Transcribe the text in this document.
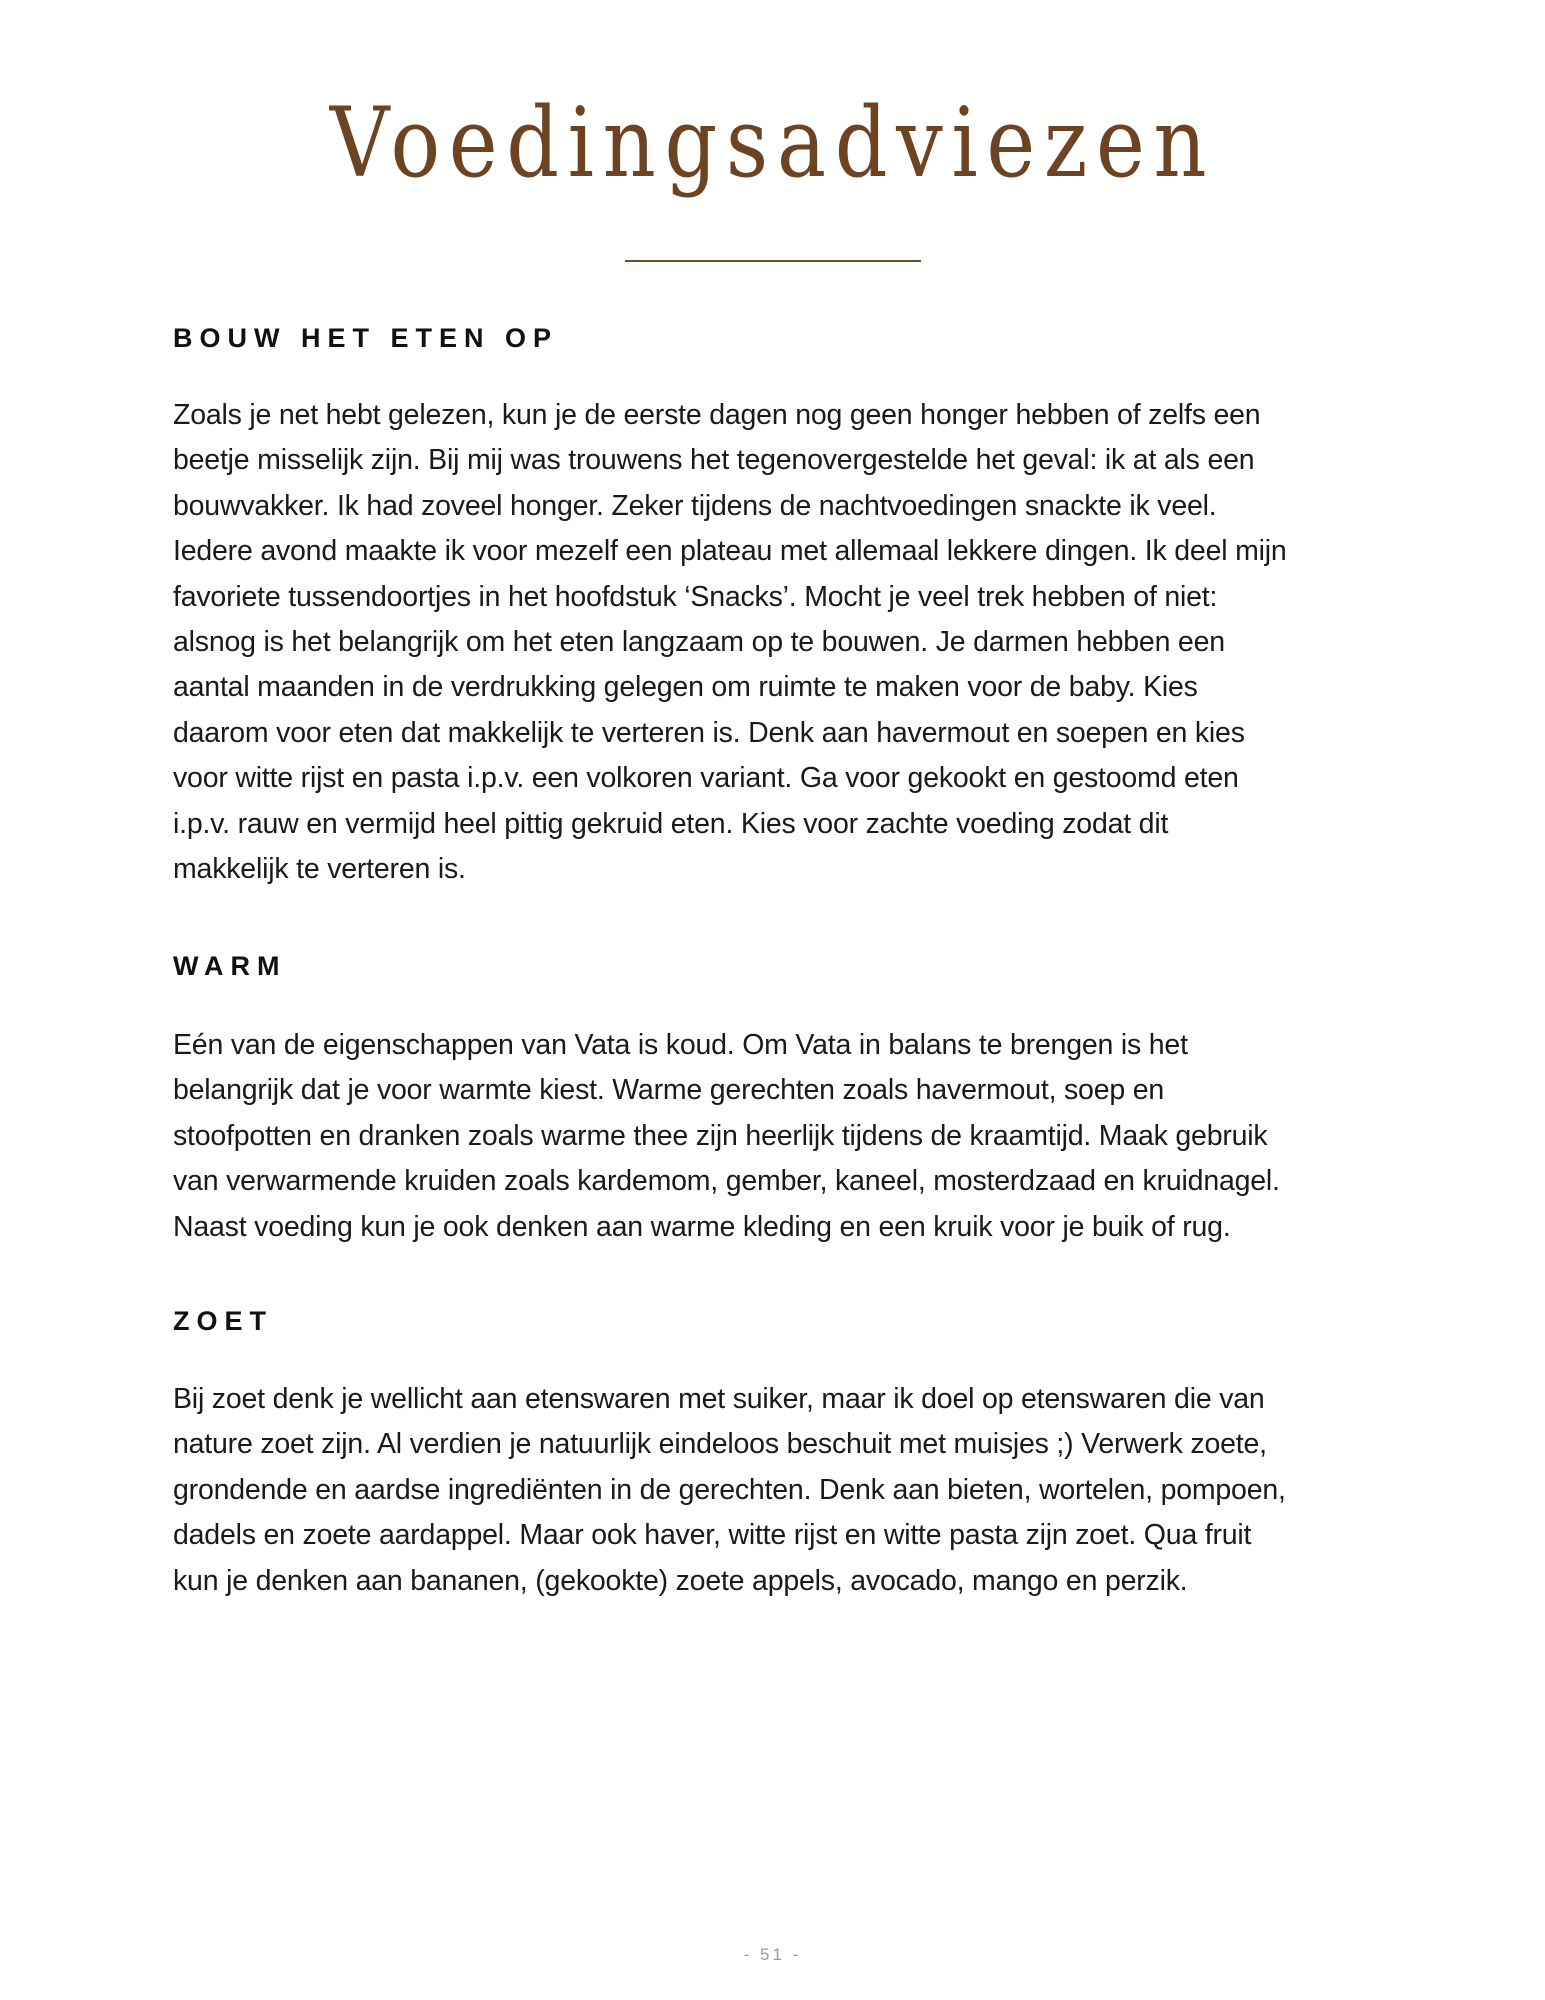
Voedingsadviezen
BOUW HET ETEN OP
Zoals je net hebt gelezen, kun je de eerste dagen nog geen honger hebben of zelfs een
beetje misselijk zijn. Bij mij was trouwens het tegenovergestelde het geval: ik at als een
bouwvakker. Ik had zoveel honger. Zeker tijdens de nachtvoedingen snackte ik veel.
Iedere avond maakte ik voor mezelf een plateau met allemaal lekkere dingen. Ik deel mijn
favoriete tussendoortjes in het hoofdstuk ‘Snacks’. Mocht je veel trek hebben of niet:
alsnog is het belangrijk om het eten langzaam op te bouwen. Je darmen hebben een
aantal maanden in de verdrukking gelegen om ruimte te maken voor de baby. Kies
daarom voor eten dat makkelijk te verteren is. Denk aan havermout en soepen en kies
voor witte rijst en pasta i.p.v. een volkoren variant. Ga voor gekookt en gestoomd eten
i.p.v. rauw en vermijd heel pittig gekruid eten. Kies voor zachte voeding zodat dit
makkelijk te verteren is.
WARM
Eén van de eigenschappen van Vata is koud. Om Vata in balans te brengen is het
belangrijk dat je voor warmte kiest. Warme gerechten zoals havermout, soep en
stoofpotten en dranken zoals warme thee zijn heerlijk tijdens de kraamtijd. Maak gebruik
van verwarmende kruiden zoals kardemom, gember, kaneel, mosterdzaad en kruidnagel.
Naast voeding kun je ook denken aan warme kleding en een kruik voor je buik of rug.
ZOET
Bij zoet denk je wellicht aan etenswaren met suiker, maar ik doel op etenswaren die van
nature zoet zijn. Al verdien je natuurlijk eindeloos beschuit met muisjes ;) Verwerk zoete,
grondende en aardse ingrediënten in de gerechten. Denk aan bieten, wortelen, pompoen,
dadels en zoete aardappel. Maar ook haver, witte rijst en witte pasta zijn zoet. Qua fruit
kun je denken aan bananen, (gekookte) zoete appels, avocado, mango en perzik.
- 51 -
